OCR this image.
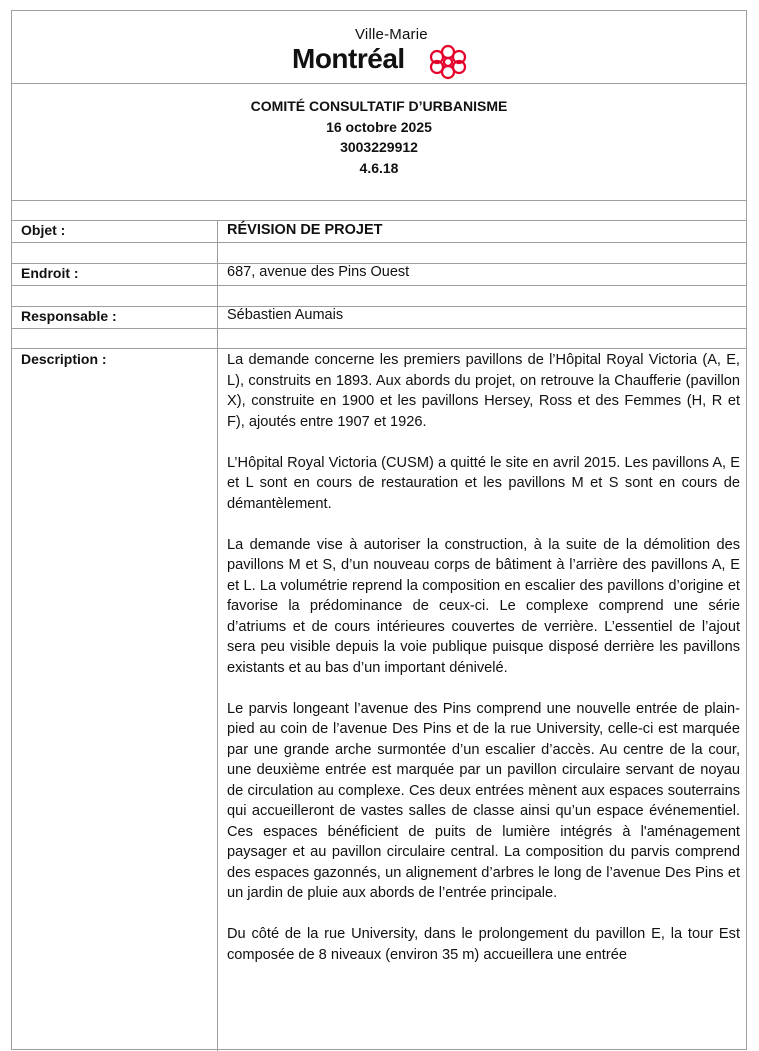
Ville-Marie
Montréal
COMITÉ CONSULTATIF D’URBANISME
16 octobre 2025
3003229912
4.6.18
Objet :	RÉVISION DE PROJET
Endroit :	687, avenue des Pins Ouest
Responsable :	Sébastien Aumais
Description :	La demande concerne les premiers pavillons de l’Hôpital Royal Victoria (A, E, L), construits en 1893. Aux abords du projet, on retrouve la Chaufferie (pavillon X), construite en 1900 et les pavillons Hersey, Ross et des Femmes (H, R et F), ajoutés entre 1907 et 1926.

L’Hôpital Royal Victoria (CUSM) a quitté le site en avril 2015. Les pavillons A, E et L sont en cours de restauration et les pavillons M et S sont en cours de démantèlement.

La demande vise à autoriser la construction, à la suite de la démolition des pavillons M et S, d’un nouveau corps de bâtiment à l’arrière des pavillons A, E et L. La volumétrie reprend la composition en escalier des pavillons d’origine et favorise la prédominance de ceux-ci. Le complexe comprend une série d’atriums et de cours intérieures couvertes de verrière. L’essentiel de l’ajout sera peu visible depuis la voie publique puisque disposé derrière les pavillons existants et au bas d’un important dénivelé.

Le parvis longeant l’avenue des Pins comprend une nouvelle entrée de plain-pied au coin de l’avenue Des Pins et de la rue University, celle-ci est marquée par une grande arche surmontée d’un escalier d’accès. Au centre de la cour, une deuxième entrée est marquée par un pavillon circulaire servant de noyau de circulation au complexe. Ces deux entrées mènent aux espaces souterrains qui accueilleront de vastes salles de classe ainsi qu’un espace événementiel. Ces espaces bénéficient de puits de lumière intégrés à l'aménagement paysager et au pavillon circulaire central. La composition du parvis comprend des espaces gazonnés, un alignement d’arbres le long de l’avenue Des Pins et un jardin de pluie aux abords de l’entrée principale.

Du côté de la rue University, dans le prolongement du pavillon E, la tour Est composée de 8 niveaux (environ 35 m) accueillera une entrée
